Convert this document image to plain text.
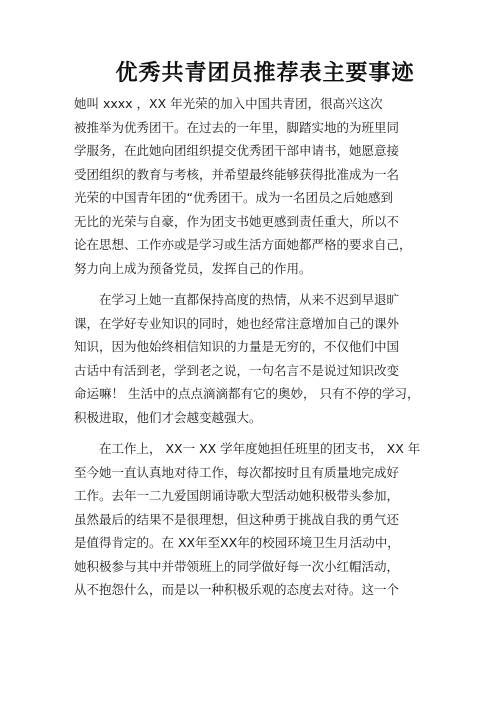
优秀共青团员推荐表主要事迹
她叫 xxxx ，XX 年光荣的加入中国共青团，很高兴这次
被推举为优秀团干。在过去的一年里，脚踏实地的为班里同
学服务，在此她向团组织提交优秀团干部申请书，她愿意接
受团组织的教育与考核，并希望最终能够获得批准成为一名
光荣的中国青年团的“优秀团干。成为一名团员之后她感到
无比的光荣与自豪，作为团支书她更感到责任重大，所以不
论在思想、工作亦或是学习或生活方面她都严格的要求自己，
努力向上成为预备党员，发挥自己的作用。
　　在学习上她一直都保持高度的热情，从来不迟到早退旷
课，在学好专业知识的同时，她也经常注意增加自己的课外
知识，因为他始终相信知识的力量是无穷的，不仅他们中国
古话中有活到老，学到老之说，一句名言不是说过知识改变
命运嘛！ 生活中的点点滴滴都有它的奥妙， 只有不停的学习，
积极进取，他们才会越变越强大。
　　在工作上， XX一 XX 学年度她担任班里的团支书， XX 年
至今她一直认真地对待工作，每次都按时且有质量地完成好
工作。去年一二九爱国朗诵诗歌大型活动她积极带头参加，
虽然最后的结果不是很理想，但这种勇于挑战自我的勇气还
是值得肯定的。在 XX年至XX年的校园环境卫生月活动中，
她积极参与其中并带领班上的同学做好每一次小红帽活动，
从不抱怨什么，而是以一种积极乐观的态度去对待。这一个
